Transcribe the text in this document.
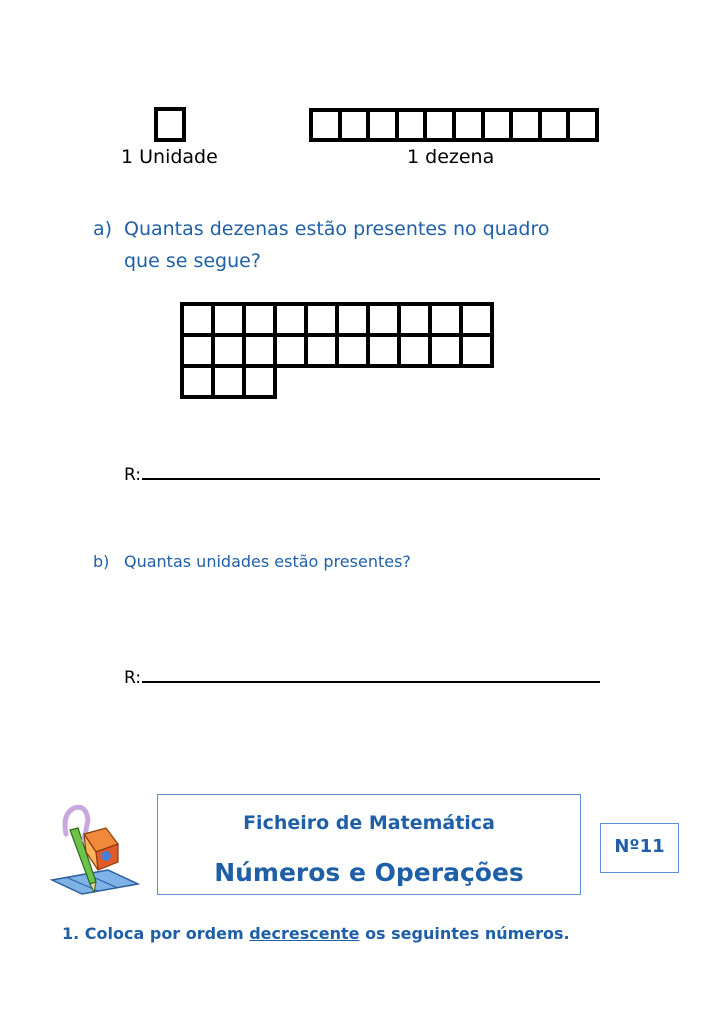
1 Unidade	1 dezena
a) Quantas dezenas estão presentes no quadro
que se segue?
R:
b) Quantas unidades estão presentes?
R:
Ficheiro de Matemática
Números e Operações
Nº11
1. Coloca por ordem decrescente os seguintes números.
